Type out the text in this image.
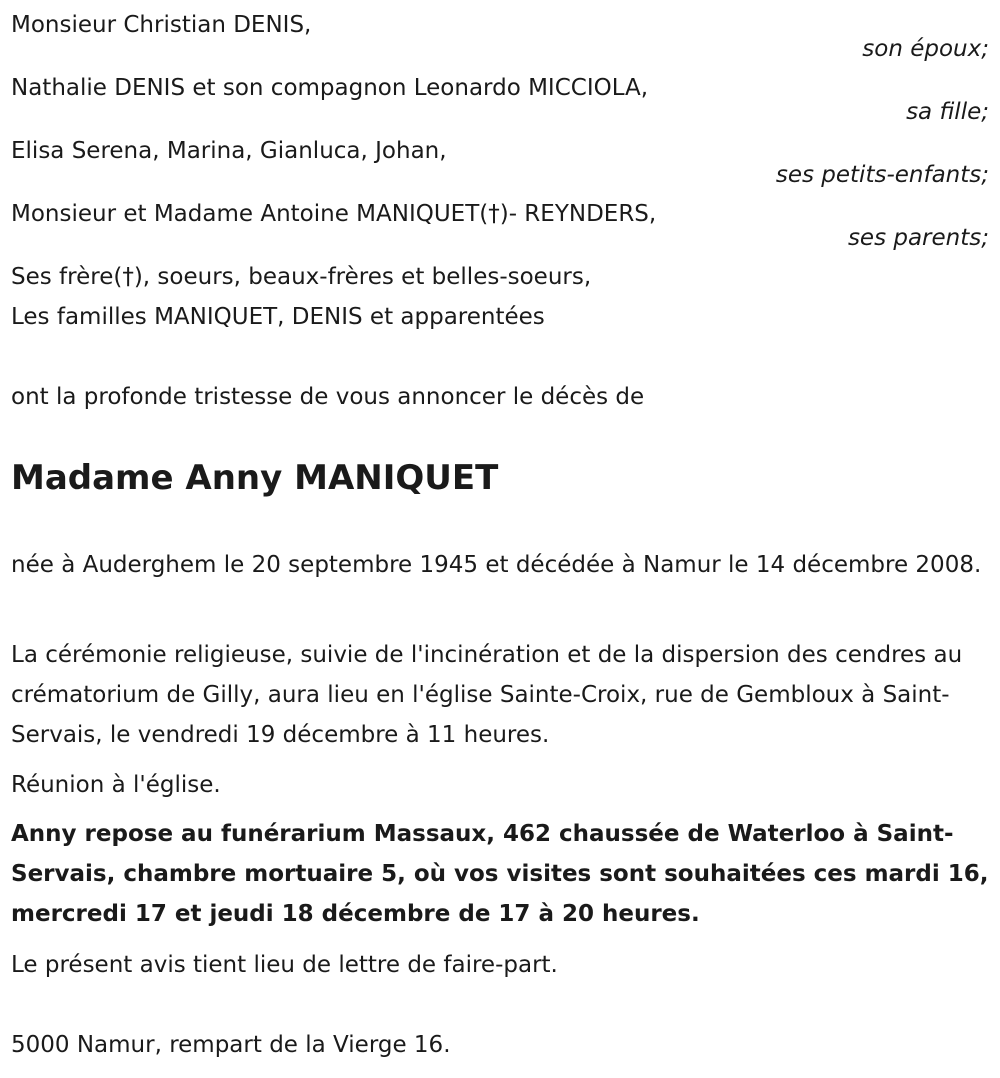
Monsieur Christian DENIS,
son époux;
Nathalie DENIS et son compagnon Leonardo MICCIOLA,
sa fille;
Elisa Serena, Marina, Gianluca, Johan,
ses petits-enfants;
Monsieur et Madame Antoine MANIQUET(†)- REYNDERS,
ses parents;
Ses frère(†), soeurs, beaux-frères et belles-soeurs,
Les familles MANIQUET, DENIS et apparentées
ont la profonde tristesse de vous annoncer le décès de
Madame Anny MANIQUET
née à Auderghem le 20 septembre 1945 et décédée à Namur le 14 décembre 2008.
La cérémonie religieuse, suivie de l'incinération et de la dispersion des cendres au crématorium de Gilly, aura lieu en l'église Sainte-Croix, rue de Gembloux à Saint-Servais, le vendredi 19 décembre à 11 heures.
Réunion à l'église.
Anny repose au funérarium Massaux, 462 chaussée de Waterloo à Saint-Servais, chambre mortuaire 5, où vos visites sont souhaitées ces mardi 16, mercredi 17 et jeudi 18 décembre de 17 à 20 heures.
Le présent avis tient lieu de lettre de faire-part.
5000 Namur, rempart de la Vierge 16.
